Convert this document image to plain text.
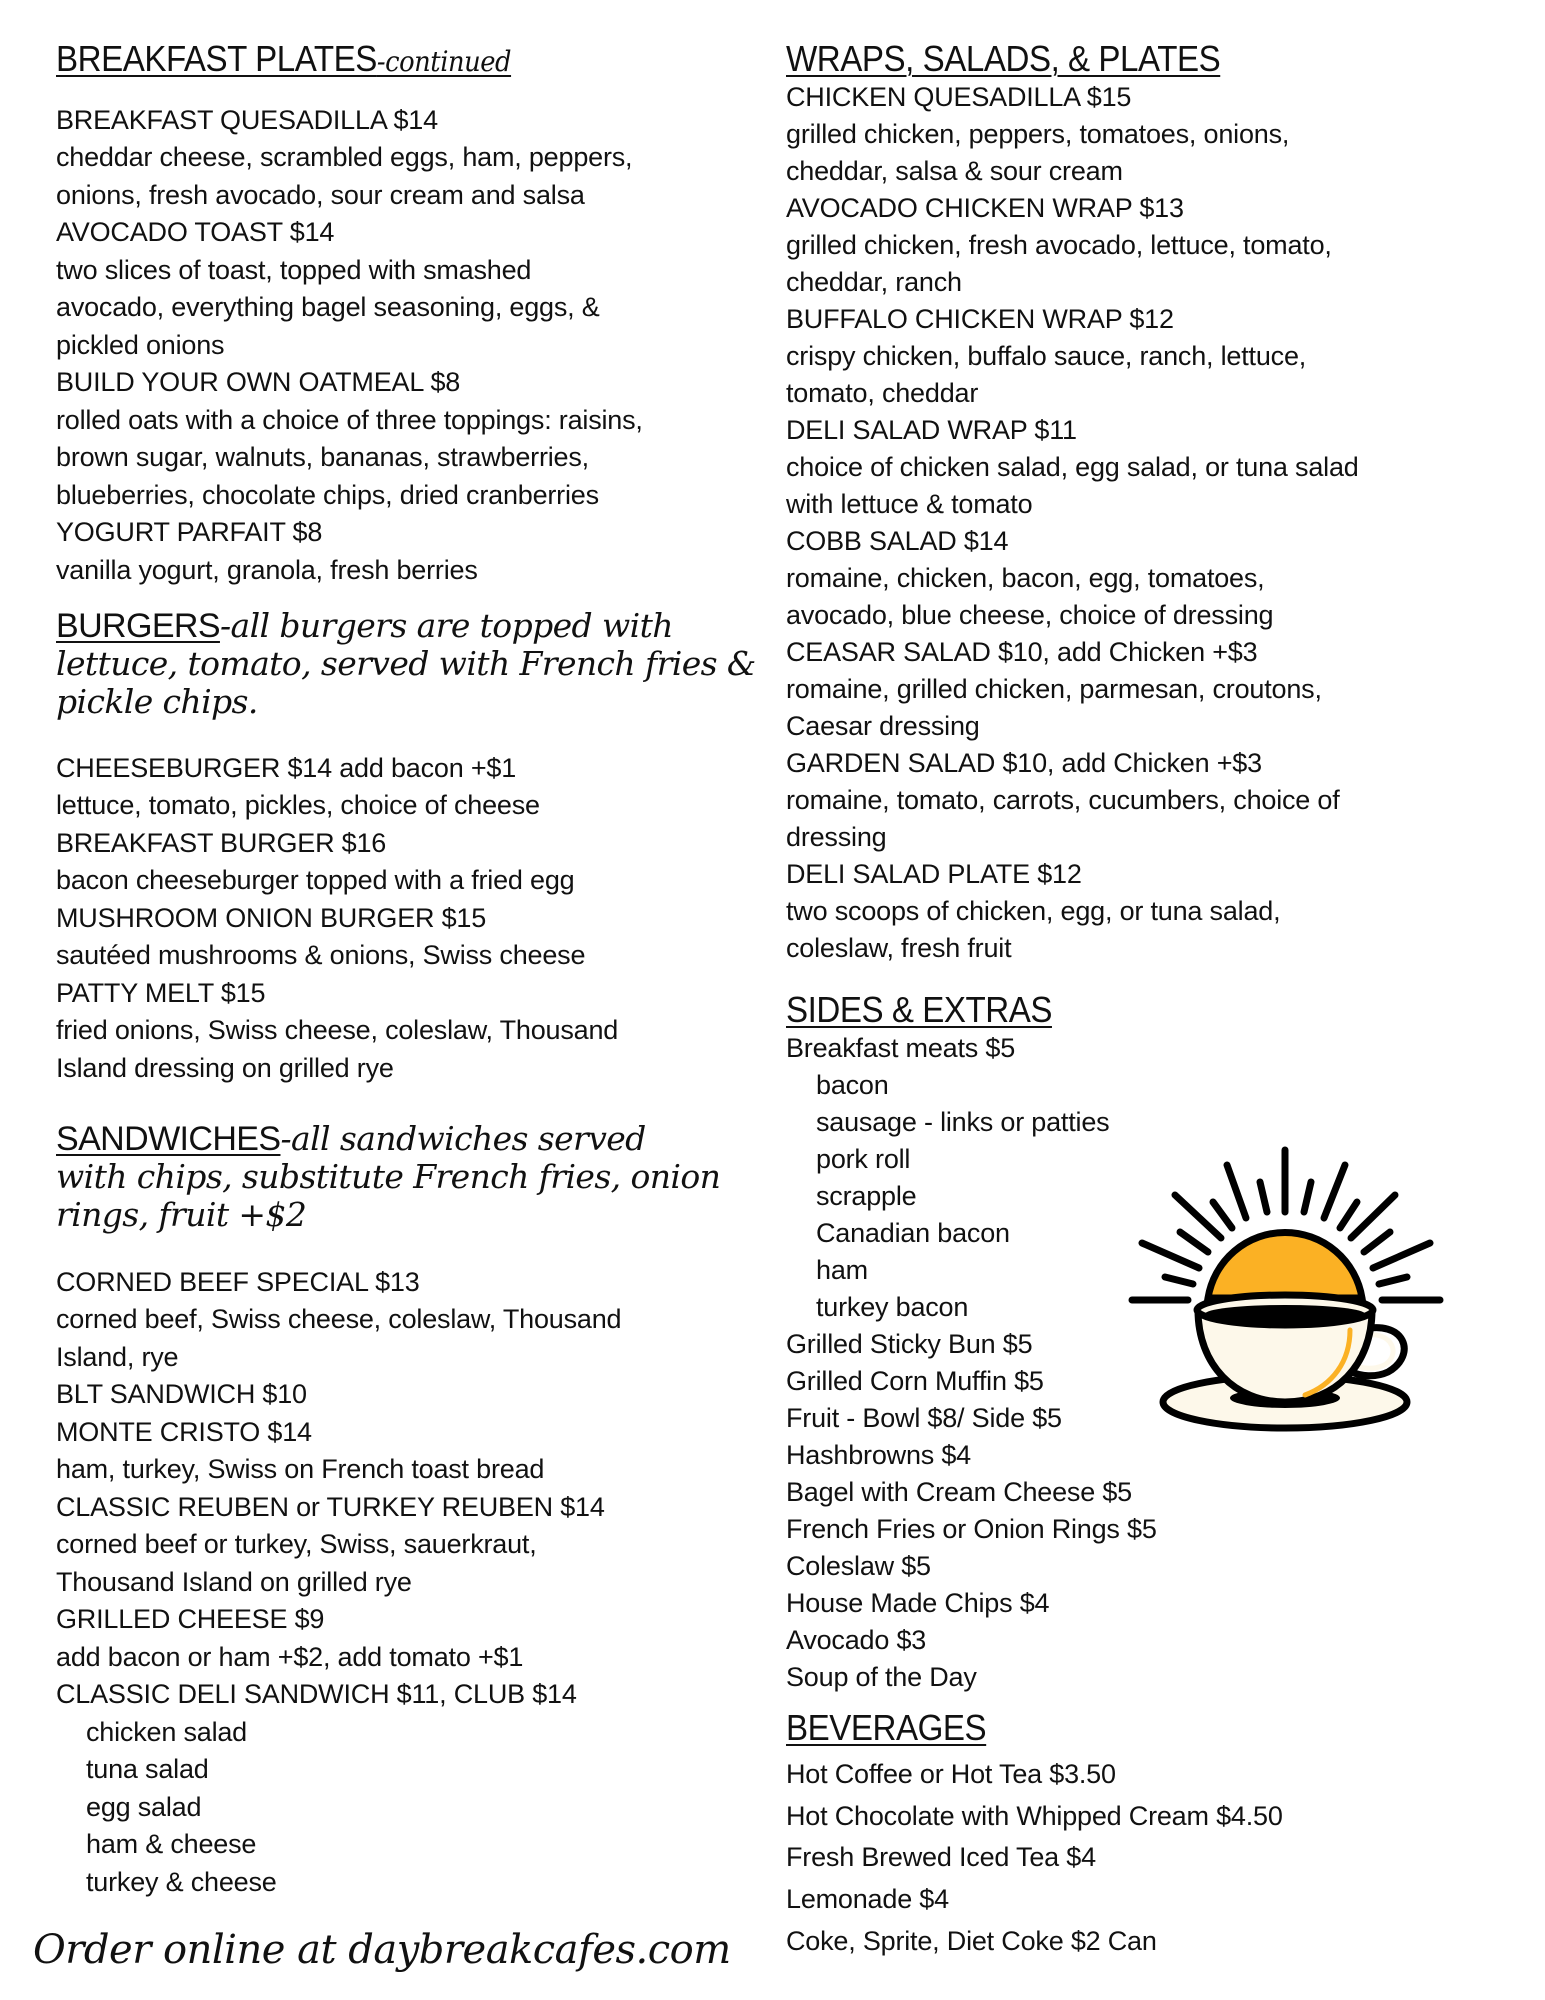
BREAKFAST PLATES-continued
BREAKFAST QUESADILLA $14
cheddar cheese, scrambled eggs, ham, peppers,
onions, fresh avocado, sour cream and salsa
AVOCADO TOAST $14
two slices of toast, topped with smashed
avocado, everything bagel seasoning, eggs, &
pickled onions
BUILD YOUR OWN OATMEAL $8
rolled oats with a choice of three toppings: raisins,
brown sugar, walnuts, bananas, strawberries,
blueberries, chocolate chips, dried cranberries
YOGURT PARFAIT $8
vanilla yogurt, granola, fresh berries
BURGERS-all burgers are topped with
lettuce, tomato, served with French fries &
pickle chips.
CHEESEBURGER $14 add bacon +$1
lettuce, tomato, pickles, choice of cheese
BREAKFAST BURGER $16
bacon cheeseburger topped with a fried egg
MUSHROOM ONION BURGER $15
sautéed mushrooms & onions, Swiss cheese
PATTY MELT $15
fried onions, Swiss cheese, coleslaw, Thousand
Island dressing on grilled rye
SANDWICHES-all sandwiches served
with chips, substitute French fries, onion
rings, fruit +$2
CORNED BEEF SPECIAL $13
corned beef, Swiss cheese, coleslaw, Thousand
Island, rye
BLT SANDWICH $10
MONTE CRISTO $14
ham, turkey, Swiss on French toast bread
CLASSIC REUBEN or TURKEY REUBEN $14
corned beef or turkey, Swiss, sauerkraut,
Thousand Island on grilled rye
GRILLED CHEESE $9
add bacon or ham +$2, add tomato +$1
CLASSIC DELI SANDWICH $11, CLUB $14
chicken salad
tuna salad
egg salad
ham & cheese
turkey & cheese
Order online at daybreakcafes.com
WRAPS, SALADS, & PLATES
CHICKEN QUESADILLA $15
grilled chicken, peppers, tomatoes, onions,
cheddar, salsa & sour cream
AVOCADO CHICKEN WRAP $13
grilled chicken, fresh avocado, lettuce, tomato,
cheddar, ranch
BUFFALO CHICKEN WRAP $12
crispy chicken, buffalo sauce, ranch, lettuce,
tomato, cheddar
DELI SALAD WRAP $11
choice of chicken salad, egg salad, or tuna salad
with lettuce & tomato
COBB SALAD $14
romaine, chicken, bacon, egg, tomatoes,
avocado, blue cheese, choice of dressing
CEASAR SALAD $10, add Chicken +$3
romaine, grilled chicken, parmesan, croutons,
Caesar dressing
GARDEN SALAD $10, add Chicken +$3
romaine, tomato, carrots, cucumbers, choice of
dressing
DELI SALAD PLATE $12
two scoops of chicken, egg, or tuna salad,
coleslaw, fresh fruit
SIDES & EXTRAS
Breakfast meats $5
bacon
sausage - links or patties
pork roll
scrapple
Canadian bacon
ham
turkey bacon
Grilled Sticky Bun $5
Grilled Corn Muffin $5
Fruit - Bowl $8/ Side $5
Hashbrowns $4
Bagel with Cream Cheese $5
French Fries or Onion Rings $5
Coleslaw $5
House Made Chips $4
Avocado $3
Soup of the Day
BEVERAGES
Hot Coffee or Hot Tea $3.50
Hot Chocolate with Whipped Cream $4.50
Fresh Brewed Iced Tea $4
Lemonade $4
Coke, Sprite, Diet Coke $2 Can
